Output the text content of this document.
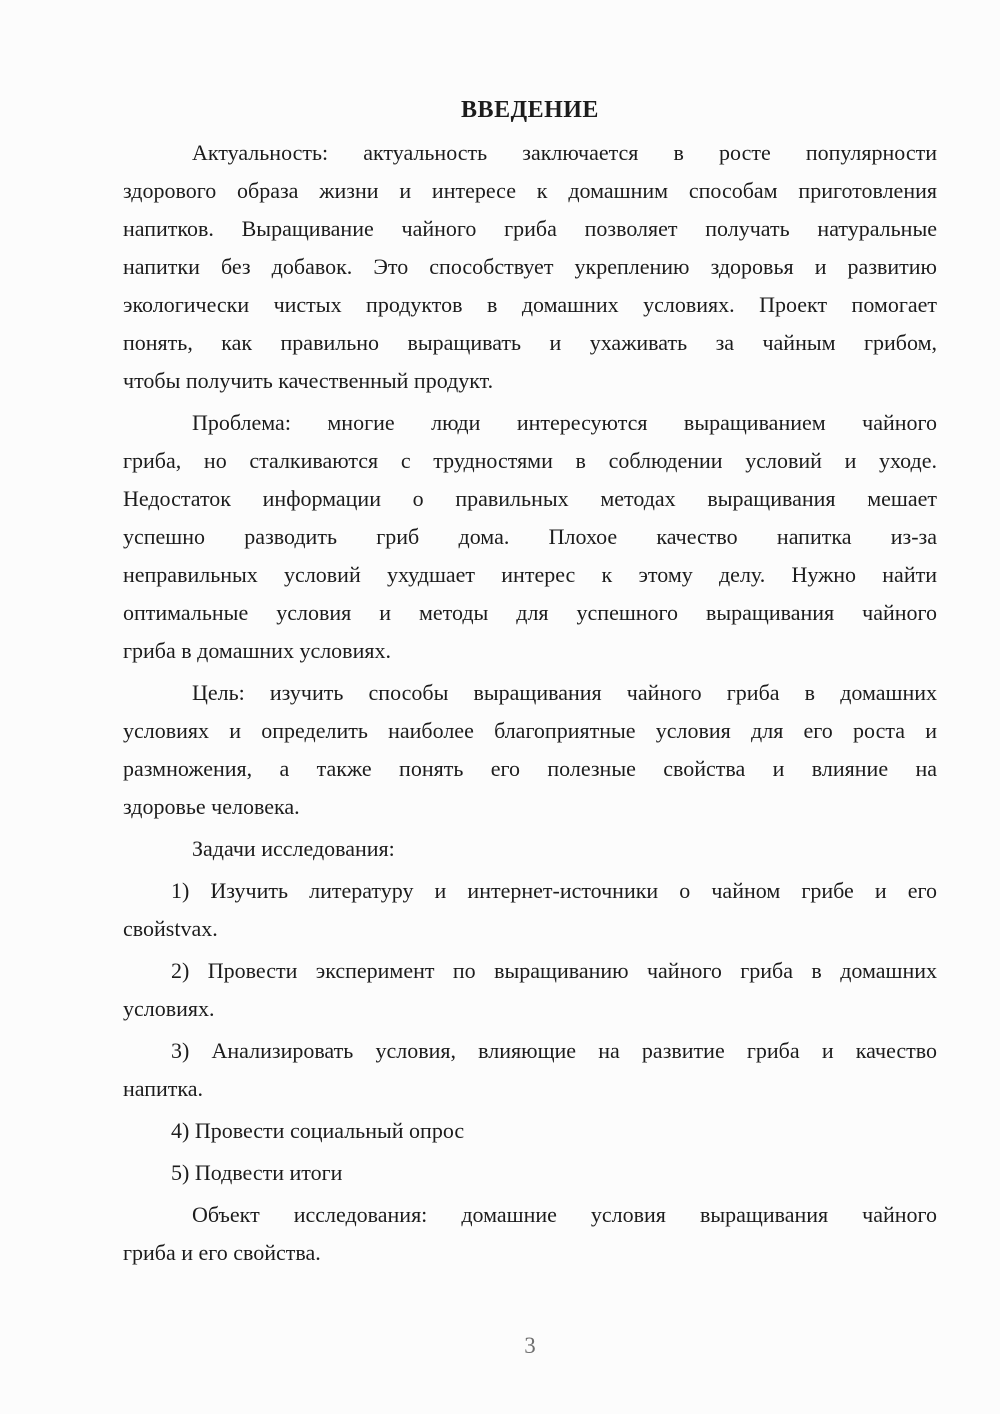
ВВЕДЕНИЕ

Актуальность: актуальность заключается в росте популярности
здорового образа жизни и интересе к домашним способам приготовления
напитков. Выращивание чайного гриба позволяет получать натуральные
напитки без добавок. Это способствует укреплению здоровья и развитию
экологически чистых продуктов в домашних условиях. Проект помогает
понять, как правильно выращивать и ухаживать за чайным грибом,
чтобы получить качественный продукт.

Проблема: многие люди интересуются выращиванием чайного
гриба, но сталкиваются с трудностями в соблюдении условий и уходе.
Недостаток информации о правильных методах выращивания мешает
успешно разводить гриб дома. Плохое качество напитка из-за
неправильных условий ухудшает интерес к этому делу. Нужно найти
оптимальные условия и методы для успешного выращивания чайного
гриба в домашних условиях.

Цель: изучить способы выращивания чайного гриба в домашних
условиях и определить наиболее благоприятные условия для его роста и
размножения, а также понять его полезные свойства и влияние на
здоровье человека.

Задачи исследования:

1) Изучить литературу и интернет-источники о чайном грибе и его
свойstvax.

2) Провести эксперимент по выращиванию чайного гриба в домашних
условиях.

3) Анализировать условия, влияющие на развитие гриба и качество
напитка.

4) Провести социальный опрос

5) Подвести итоги

Объект исследования: домашние условия выращивания чайного
гриба и его свойства.

3
